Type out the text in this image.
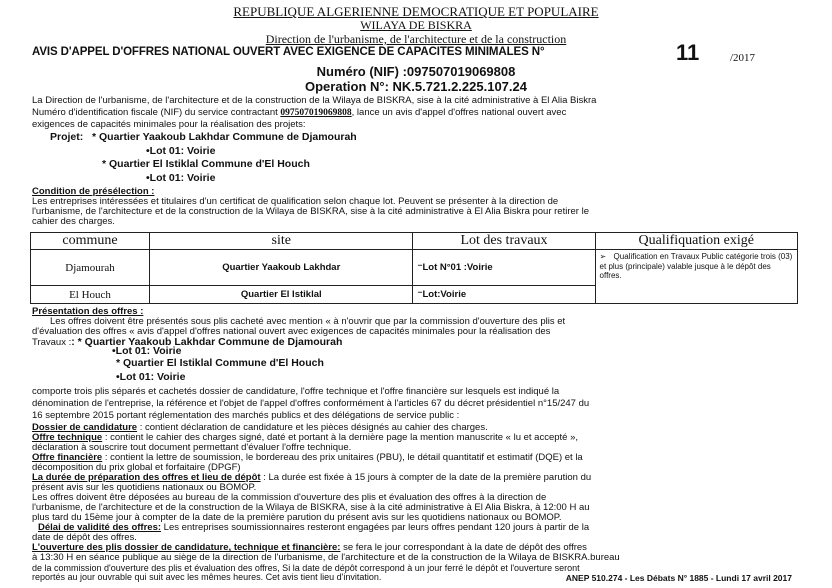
REPUBLIQUE ALGERIENNE DEMOCRATIQUE ET POPULAIRE
WILAYA DE BISKRA
Direction de l'urbanisme, de l'architecture et de la construction
AVIS D'APPEL D'OFFRES NATIONAL OUVERT AVEC EXIGENCE DE CAPACITES MINIMALES N°	11	/2017
Numéro (NIF) :097507019069808
Operation N°: NK.5.721.2.225.107.24
La Direction de l'urbanisme, de l'architecture et de la construction de la Wilaya de BISKRA, sise à la cité administrative à El Alia Biskra
Numéro d'identification fiscale (NIF) du service contractant 097507019069808, lance un avis d'appel d'offres national ouvert avec
exigences de capacités minimales pour la réalisation des projets:
Projet: * Quartier Yaakoub Lakhdar Commune de Djamourah
•Lot 01: Voirie
* Quartier El Istiklal Commune d'El Houch
•Lot 01: Voirie
Condition de présélection :
Les entreprises intéressées et titulaires d'un certificat de qualification selon chaque lot. Peuvent se présenter à la direction de
l'urbanisme, de l'architecture et de la construction de la Wilaya de BISKRA, sise à la cité administrative à El Alia Biskra pour retirer le
cahier des charges.
commune	site	Lot des travaux	Qualifiquation exigé
Djamourah	Quartier Yaakoub Lakhdar	⁻Lot N°01 :Voirie	➢ Qualification en Travaux Public catégorie trois (03) et plus (principale) valable jusque à le dépôt des offres.
El Houch	Quartier El Istiklal	⁻Lot:Voirie	
Présentation des offres :
Les offres doivent être présentés sous plis cacheté avec mention « à n'ouvrir que par la commission d'ouverture des plis et
d'évaluation des offres « avis d'appel d'offres national ouvert avec exigences de capacités minimales pour la réalisation des
Travaux :: * Quartier Yaakoub Lakhdar Commune de Djamourah
•Lot 01: Voirie
* Quartier El Istiklal Commune d'El Houch
•Lot 01: Voirie
comporte trois plis séparés et cachetés dossier de candidature, l'offre technique et l'offre financière sur lesquels est indiqué la
dénomination de l'entreprise, la référence et l'objet de l'appel d'offres conformément à l'articles 67 du décret présidentiel n°15/247 du
16 septembre 2015 portant réglementation des marchés publics et des délégations de service public :
Dossier de candidature : contient déclaration de candidature et les pièces désignés au cahier des charges.
Offre technique : contient le cahier des charges signé, daté et portant à la dernière page la mention manuscrite « lu et accepté »,
déclaration à souscrire tout document permettant d'évaluer l'offre technique.
Offre financière : contient la lettre de soumission, le bordereau des prix unitaires (PBU), le détail quantitatif et estimatif (DQE) et la
décomposition du prix global et forfaitaire (DPGF)
La durée de préparation des offres et lieu de dépôt : La durée est fixée à 15 jours à compter de la date de la première parution du
présent avis sur les quotidiens nationaux ou BOMOP.
Les offres doivent être déposées au bureau de la commission d'ouverture des plis et évaluation des offres à la direction de
l'urbanisme, de l'architecture et de la construction de la Wilaya de BISKRA, sise à la cité administrative à El Alia Biskra, à 12:00 H au
plus tard du 15ème jour à compter de la date de la première parution du présent avis sur les quotidiens nationaux ou BOMOP.
Délai de validité des offres: Les entreprises soumissionnaires resteront engagées par leurs offres pendant 120 jours à partir de la
date de dépôt des offres.
L'ouverture des plis dossier de candidature, technique et financière: se fera le jour correspondant à la date de dépôt des offres
à 13:30 H en séance publique au siège de la direction de l'urbanisme, de l'architecture et de la construction de la Wilaya de BISKRA.bureau
de la commission d'ouverture des plis et évaluation des offres, Si la date de dépôt correspond à un jour ferré le dépôt et l'ouverture seront
reportés au jour ouvrable qui suit avec les mêmes heures. Cet avis tient lieu d'invitation.	ANEP 510.274 - Les Débats N° 1885 - Lundi 17 avril 2017
